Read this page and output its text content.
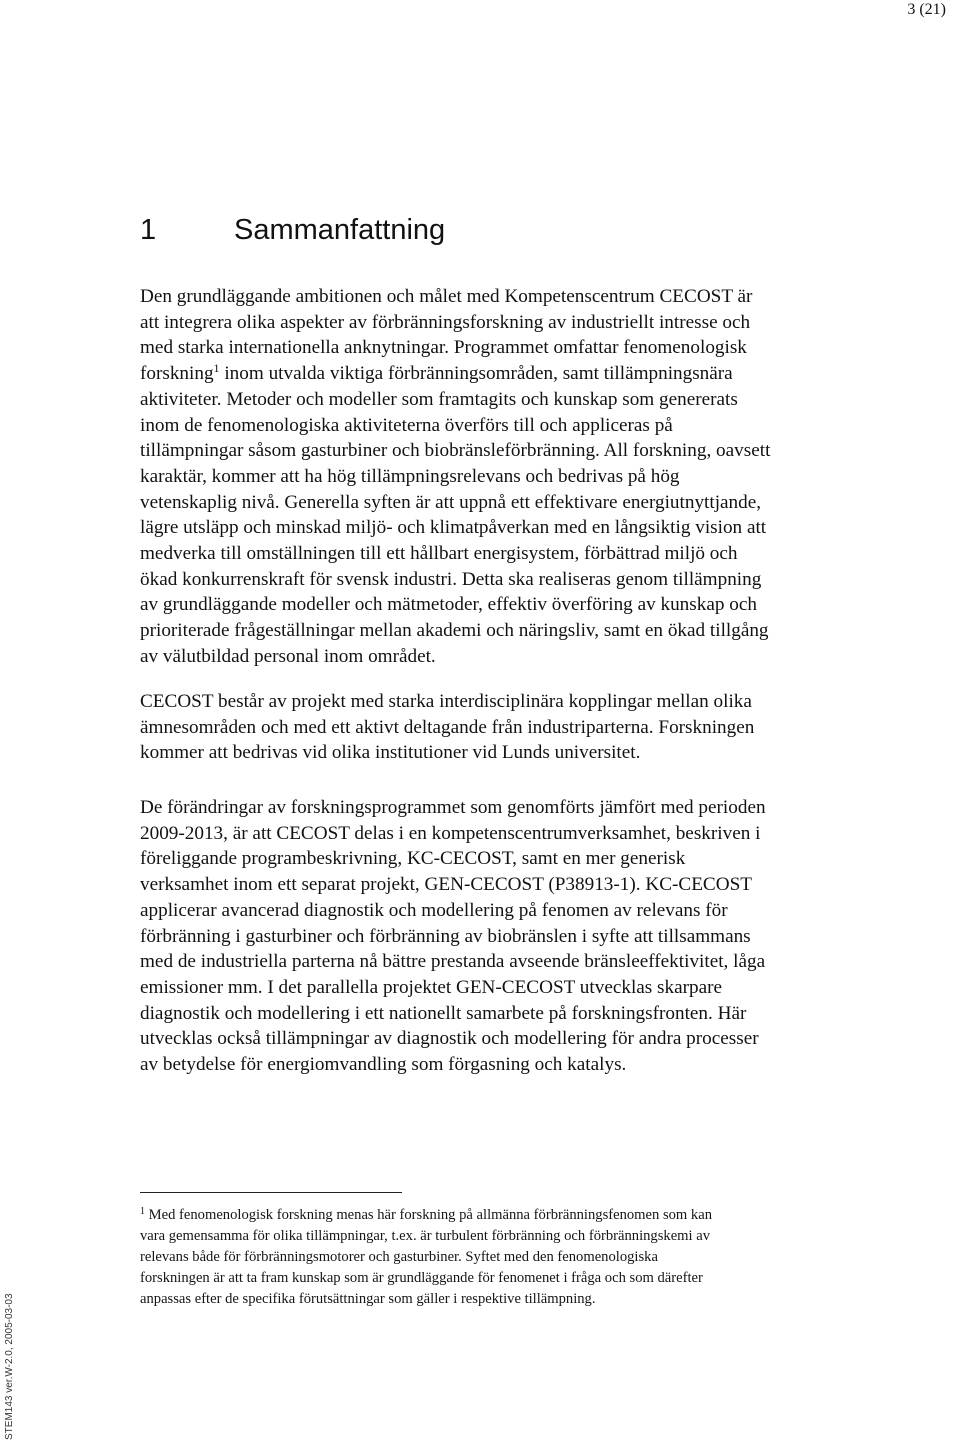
3 (21)
1	Sammanfattning

Den grundläggande ambitionen och målet med Kompetenscentrum CECOST är
att integrera olika aspekter av förbränningsforskning av industriellt intresse och
med starka internationella anknytningar. Programmet omfattar fenomenologisk
forskning$^1$ inom utvalda viktiga förbränningsområden, samt tillämpningsnära
aktiviteter. Metoder och modeller som framtagits och kunskap som genererats
inom de fenomenologiska aktiviteterna överförs till och appliceras på
tillämpningar såsom gasturbiner och biobränsleförbränning. All forskning, oavsett
karaktär, kommer att ha hög tillämpningsrelevans och bedrivas på hög
vetenskaplig nivå. Generella syften är att uppnå ett effektivare energiutnyttjande,
lägre utsläpp och minskad miljö- och klimatpåverkan med en långsiktig vision att
medverka till omställningen till ett hållbart energisystem, förbättrad miljö och
ökad konkurrenskraft för svensk industri. Detta ska realiseras genom tillämpning
av grundläggande modeller och mätmetoder, effektiv överföring av kunskap och
prioriterade frågeställningar mellan akademi och näringsliv, samt en ökad tillgång
av välutbildad personal inom området.

CECOST består av projekt med starka interdisciplinära kopplingar mellan olika
ämnesområden och med ett aktivt deltagande från industriparterna. Forskningen
kommer att bedrivas vid olika institutioner vid Lunds universitet.

De förändringar av forskningsprogrammet som genomförts jämfört med perioden
2009-2013, är att CECOST delas i en kompetenscentrumverksamhet, beskriven i
föreliggande programbeskrivning, KC-CECOST, samt en mer generisk
verksamhet inom ett separat projekt, GEN-CECOST (P38913-1). KC-CECOST
applicerar avancerad diagnostik och modellering på fenomen av relevans för
förbränning i gasturbiner och förbränning av biobränslen i syfte att tillsammans
med de industriella parterna nå bättre prestanda avseende bränsleeffektivitet, låga
emissioner mm. I det parallella projektet GEN-CECOST utvecklas skarpare
diagnostik och modellering i ett nationellt samarbete på forskningsfronten. Här
utvecklas också tillämpningar av diagnostik och modellering för andra processer
av betydelse för energiomvandling som förgasning och katalys.

$^1$ Med fenomenologisk forskning menas här forskning på allmänna förbränningsfenomen som kan
vara gemensamma för olika tillämpningar, t.ex. är turbulent förbränning och förbränningskemi av
relevans både för förbränningsmotorer och gasturbiner. Syftet med den fenomenologiska
forskningen är att ta fram kunskap som är grundläggande för fenomenet i fråga och som därefter
anpassas efter de specifika förutsättningar som gäller i respektive tillämpning.

STEM143 ver.W-2.0, 2005-03-03
